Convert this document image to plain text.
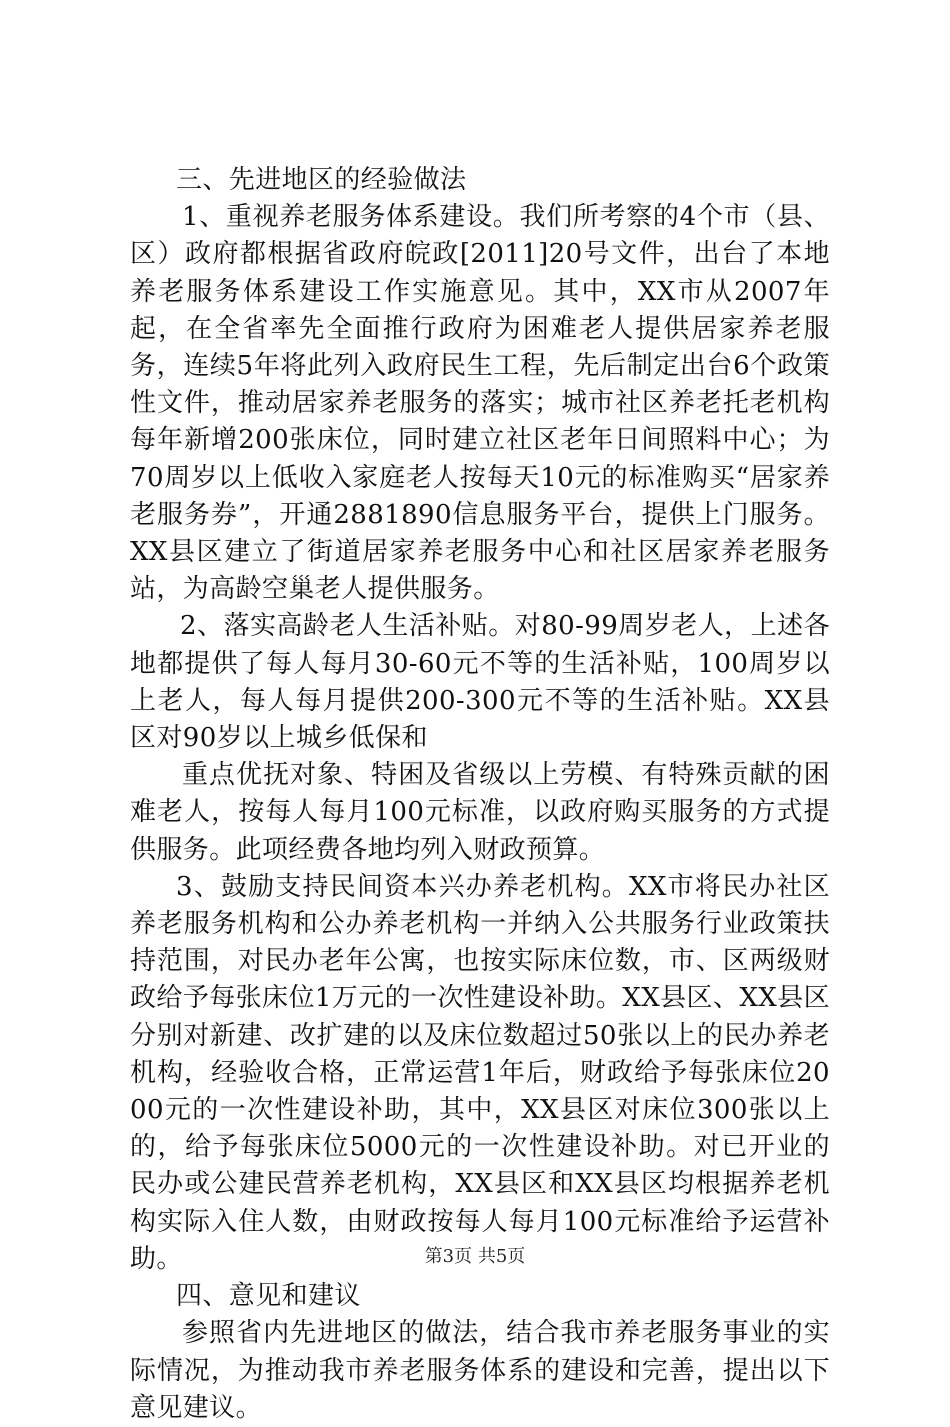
三、先进地区的经验做法

1、重视养老服务体系建设。我们所考察的4个市（县、区）政府都根据省政府皖政[2011]20号文件，出台了本地养老服务体系建设工作实施意见。其中，XX市从2007年起，在全省率先全面推行政府为困难老人提供居家养老服务，连续5年将此列入政府民生工程，先后制定出台6个政策性文件，推动居家养老服务的落实；城市社区养老托老机构每年新增200张床位，同时建立社区老年日间照料中心；为70周岁以上低收入家庭老人按每天10元的标准购买“居家养老服务券”，开通2881890信息服务平台，提供上门服务。XX县区建立了街道居家养老服务中心和社区居家养老服务站，为高龄空巢老人提供服务。

2、落实高龄老人生活补贴。对80-99周岁老人，上述各地都提供了每人每月30-60元不等的生活补贴，100周岁以上老人，每人每月提供200-300元不等的生活补贴。XX县区对90岁以上城乡低保和

重点优抚对象、特困及省级以上劳模、有特殊贡献的困难老人，按每人每月100元标准，以政府购买服务的方式提供服务。此项经费各地均列入财政预算。

3、鼓励支持民间资本兴办养老机构。XX市将民办社区养老服务机构和公办养老机构一并纳入公共服务行业政策扶持范围，对民办老年公寓，也按实际床位数，市、区两级财政给予每张床位1万元的一次性建设补助。XX县区、XX县区分别对新建、改扩建的以及床位数超过50张以上的民办养老机构，经验收合格，正常运营1年后，财政给予每张床位2000元的一次性建设补助，其中，XX县区对床位300张以上的，给予每张床位5000元的一次性建设补助。对已开业的民办或公建民营养老机构，XX县区和XX县区均根据养老机构实际入住人数，由财政按每人每月100元标准给予运营补助。

四、意见和建议

参照省内先进地区的做法，结合我市养老服务事业的实际情况，为推动我市养老服务体系的建设和完善，提出以下意见建议。

第3页 共5页
